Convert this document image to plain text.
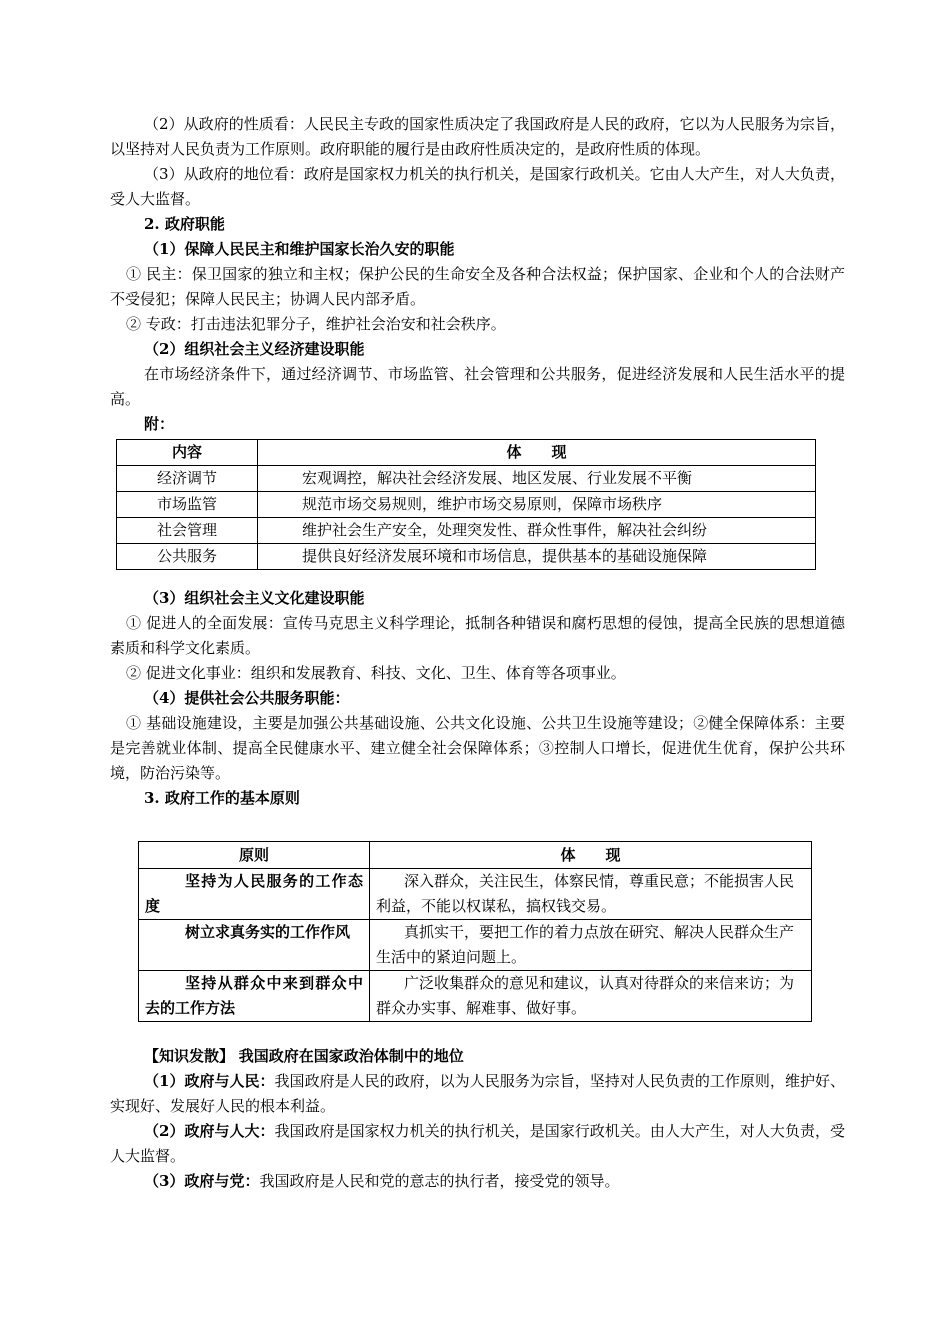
（2）从政府的性质看：人民民主专政的国家性质决定了我国政府是人民的政府，它以为人民服务为宗旨，以坚持对人民负责为工作原则。政府职能的履行是由政府性质决定的，是政府性质的体现。

（3）从政府的地位看：政府是国家权力机关的执行机关，是国家行政机关。它由人大产生，对人大负责，受人大监督。

2. 政府职能

（1）保障人民民主和维护国家长治久安的职能

① 民主：保卫国家的独立和主权；保护公民的生命安全及各种合法权益；保护国家、企业和个人的合法财产不受侵犯；保障人民民主；协调人民内部矛盾。

② 专政：打击违法犯罪分子，维护社会治安和社会秩序。

（2）组织社会主义经济建设职能

在市场经济条件下，通过经济调节、市场监管、社会管理和公共服务，促进经济发展和人民生活水平的提高。

附：

内容	体　　现
经济调节	宏观调控，解决社会经济发展、地区发展、行业发展不平衡
市场监管	规范市场交易规则，维护市场交易原则，保障市场秩序
社会管理	维护社会生产安全，处理突发性、群众性事件，解决社会纠纷
公共服务	提供良好经济发展环境和市场信息，提供基本的基础设施保障

（3）组织社会主义文化建设职能

① 促进人的全面发展：宣传马克思主义科学理论，抵制各种错误和腐朽思想的侵蚀，提高全民族的思想道德素质和科学文化素质。

② 促进文化事业：组织和发展教育、科技、文化、卫生、体育等各项事业。

（4）提供社会公共服务职能：

① 基础设施建设，主要是加强公共基础设施、公共文化设施、公共卫生设施等建设；②健全保障体系：主要是完善就业体制、提高全民健康水平、建立健全社会保障体系；③控制人口增长，促进优生优育，保护公共环境，防治污染等。

3. 政府工作的基本原则

原则	体　　现
坚持为人民服务的工作态度	深入群众，关注民生，体察民情，尊重民意；不能损害人民利益，不能以权谋私，搞权钱交易。
树立求真务实的工作作风	真抓实干，要把工作的着力点放在研究、解决人民群众生产生活中的紧迫问题上。
坚持从群众中来到群众中去的工作方法	广泛收集群众的意见和建议，认真对待群众的来信来访；为群众办实事、解难事、做好事。

【知识发散】 我国政府在国家政治体制中的地位

（1）政府与人民：我国政府是人民的政府，以为人民服务为宗旨，坚持对人民负责的工作原则，维护好、实现好、发展好人民的根本利益。

（2）政府与人大：我国政府是国家权力机关的执行机关，是国家行政机关。由人大产生，对人大负责，受人大监督。

（3）政府与党：我国政府是人民和党的意志的执行者，接受党的领导。
